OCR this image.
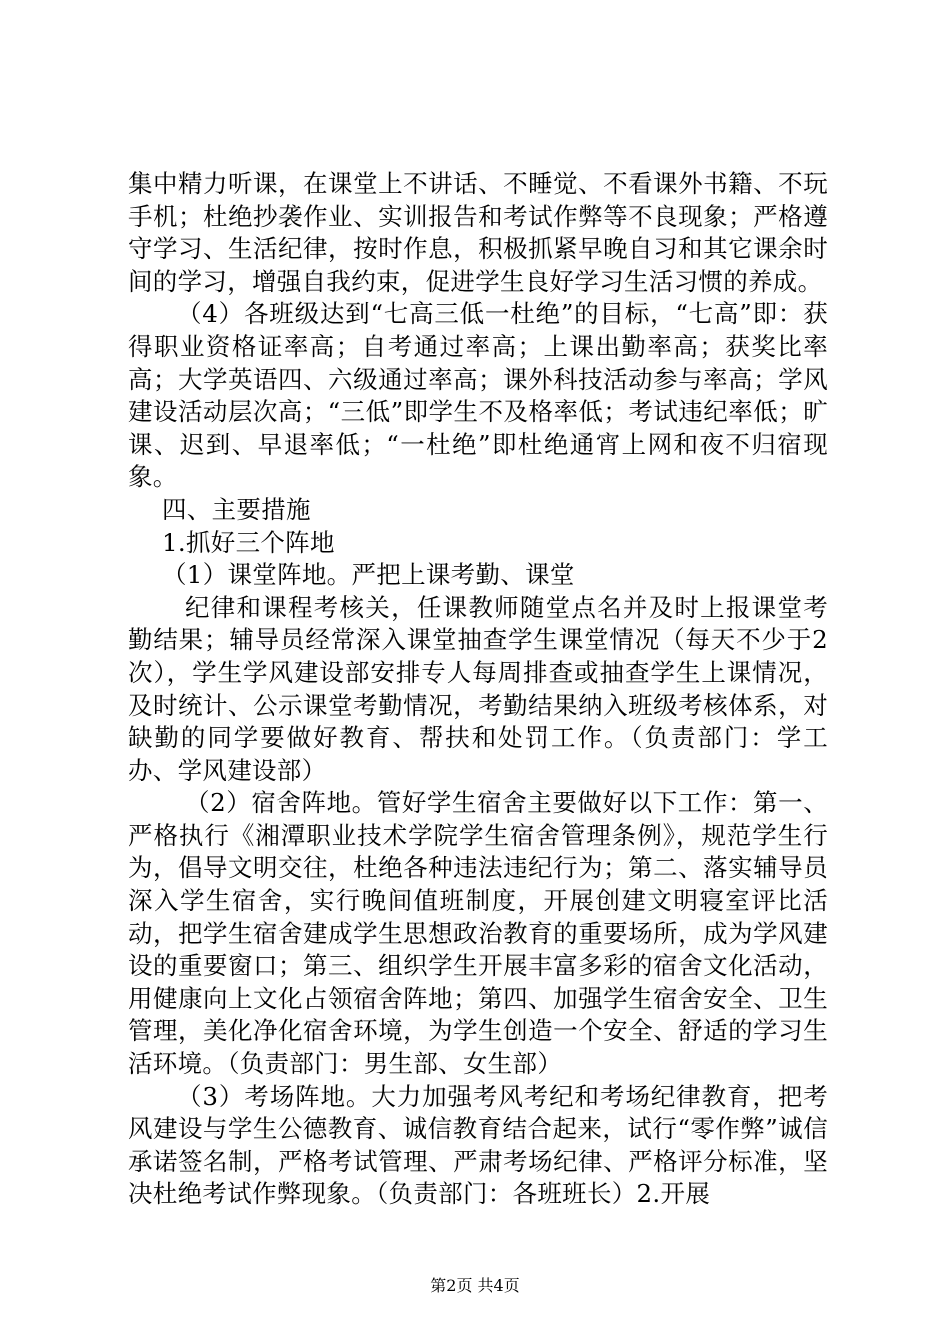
集中精力听课，在课堂上不讲话、不睡觉、不看课外书籍、不玩手机；杜绝抄袭作业、实训报告和考试作弊等不良现象；严格遵守学习、生活纪律，按时作息，积极抓紧早晚自习和其它课余时间的学习，增强自我约束，促进学生良好学习生活习惯的养成。

（4）各班级达到“七高三低一杜绝”的目标，“七高”即：获得职业资格证率高；自考通过率高；上课出勤率高；获奖比率高；大学英语四、六级通过率高；课外科技活动参与率高；学风建设活动层次高；“三低”即学生不及格率低；考试违纪率低；旷课、迟到、早退率低；“一杜绝”即杜绝通宵上网和夜不归宿现象。

四、主要措施

1.抓好三个阵地

（1）课堂阵地。严把上课考勤、课堂

纪律和课程考核关，任课教师随堂点名并及时上报课堂考勤结果；辅导员经常深入课堂抽查学生课堂情况（每天不少于2次），学生学风建设部安排专人每周排查或抽查学生上课情况，及时统计、公示课堂考勤情况，考勤结果纳入班级考核体系，对缺勤的同学要做好教育、帮扶和处罚工作。（负责部门：学工办、学风建设部）

（2）宿舍阵地。管好学生宿舍主要做好以下工作：第一、严格执行《湘潭职业技术学院学生宿舍管理条例》，规范学生行为，倡导文明交往，杜绝各种违法违纪行为；第二、落实辅导员深入学生宿舍，实行晚间值班制度，开展创建文明寝室评比活动，把学生宿舍建成学生思想政治教育的重要场所，成为学风建设的重要窗口；第三、组织学生开展丰富多彩的宿舍文化活动，用健康向上文化占领宿舍阵地；第四、加强学生宿舍安全、卫生管理，美化净化宿舍环境，为学生创造一个安全、舒适的学习生活环境。（负责部门：男生部、女生部）

（3）考场阵地。大力加强考风考纪和考场纪律教育，把考风建设与学生公德教育、诚信教育结合起来，试行“零作弊”诚信承诺签名制，严格考试管理、严肃考场纪律、严格评分标准，坚决杜绝考试作弊现象。（负责部门：各班班长）2.开展

第2页 共4页
